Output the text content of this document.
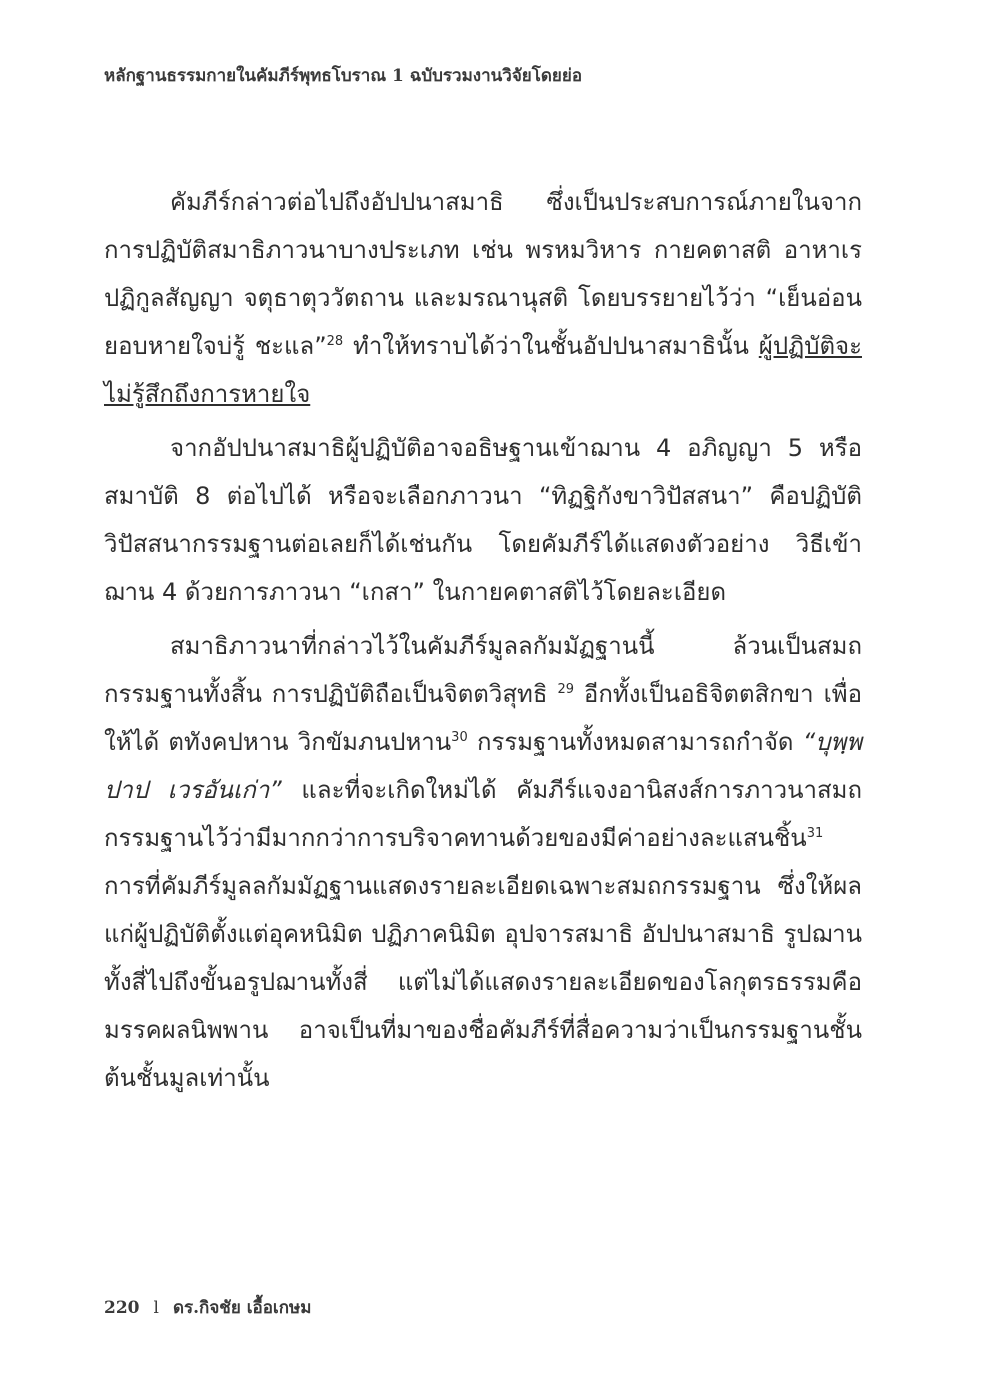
หลักฐานธรรมกายในคัมภีร์พุทธโบราณ 1 ฉบับรวมงานวิจัยโดยย่อ

คัมภีร์กล่าวต่อไปถึงอัปปนาสมาธิ ซึ่งเป็นประสบการณ์ภายในจากการปฏิบัติสมาธิภาวนาบางประเภท เช่น พรหมวิหาร กายคตาสติ อาหาเรปฏิกูลสัญญา จตุธาตุววัตถาน และมรณานุสติ โดยบรรยายไว้ว่า “เย็นอ่อน ยอบหายใจบ่รู้ ชะแล”$^{28}$ ทำให้ทราบได้ว่าในชั้นอัปปนาสมาธินั้น ผู้ปฏิบัติจะไม่รู้สึกถึงการหายใจ

จากอัปปนาสมาธิผู้ปฏิบัติอาจอธิษฐานเข้าฌาน 4 อภิญญา 5 หรือสมาบัติ 8 ต่อไปได้ หรือจะเลือกภาวนา “ทิฏฐิกังขาวิปัสสนา” คือปฏิบัติวิปัสสนากรรมฐานต่อเลยก็ได้เช่นกัน โดยคัมภีร์ได้แสดงตัวอย่าง วิธีเข้าฌาน 4 ด้วยการภาวนา “เกสา” ในกายคตาสติไว้โดยละเอียด

สมาธิภาวนาที่กล่าวไว้ในคัมภีร์มูลลกัมมัฏฐานนี้ ล้วนเป็นสมถกรรมฐานทั้งสิ้น การปฏิบัติถือเป็นจิตตวิสุทธิ $^{29}$ อีกทั้งเป็นอธิจิตตสิกขา เพื่อให้ได้ ตทังคปหาน วิกขัมภนปหาน$^{30}$ กรรมฐานทั้งหมดสามารถกำจัด “บุพฺพปาป เวรอันเก่า” และที่จะเกิดใหม่ได้ คัมภีร์แจงอานิสงส์การภาวนาสมถกรรมฐานไว้ว่ามีมากกว่าการบริจาคทานด้วยของมีค่าอย่างละแสนชิ้น$^{31}$ การที่คัมภีร์มูลลกัมมัฏฐานแสดงรายละเอียดเฉพาะสมถกรรมฐาน ซึ่งให้ผลแก่ผู้ปฏิบัติตั้งแต่อุคหนิมิต ปฏิภาคนิมิต อุปจารสมาธิ อัปปนาสมาธิ รูปฌานทั้งสี่ไปถึงขั้นอรูปฌานทั้งสี่ แต่ไม่ได้แสดงรายละเอียดของโลกุตรธรรมคือมรรคผลนิพพาน อาจเป็นที่มาของชื่อคัมภีร์ที่สื่อความว่าเป็นกรรมฐานชั้นต้นชั้นมูลเท่านั้น

220 l ดร.กิจชัย เอื้อเกษม
